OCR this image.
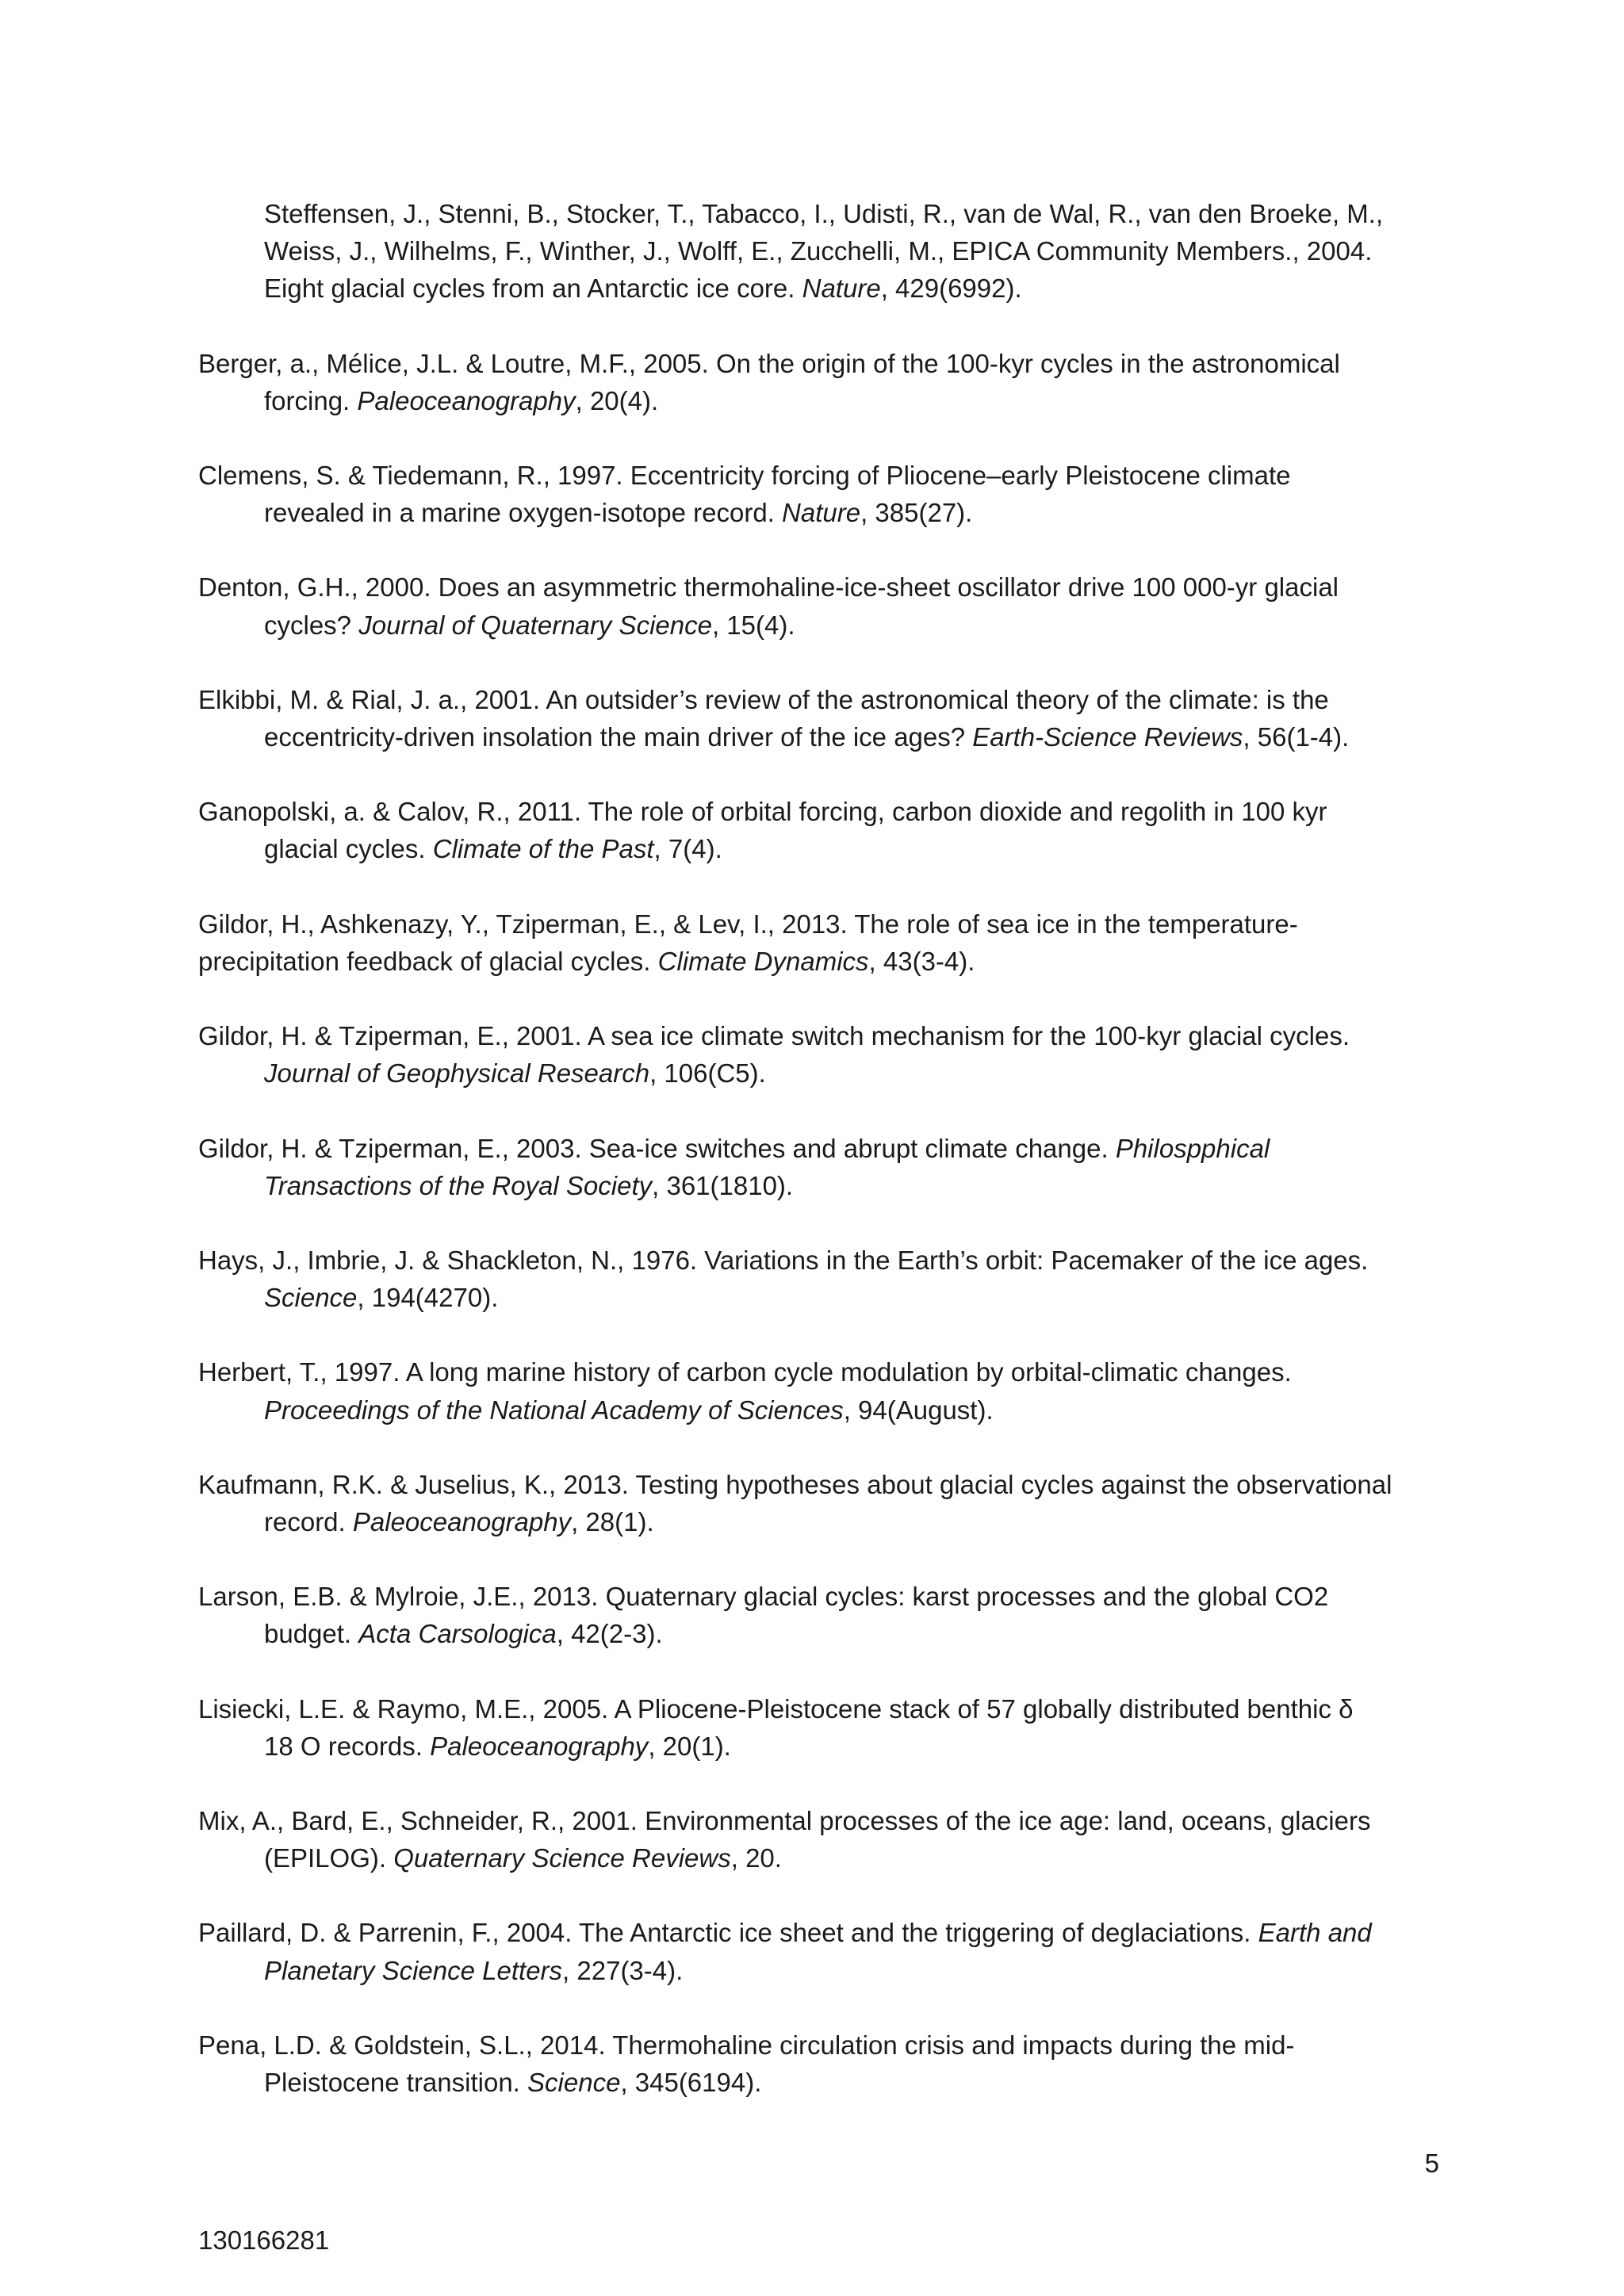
Steffensen, J., Stenni, B., Stocker, T., Tabacco, I., Udisti, R., van de Wal, R., van den Broeke, M.,
Weiss, J., Wilhelms, F., Winther, J., Wolff, E., Zucchelli, M., EPICA Community Members., 2004.
Eight glacial cycles from an Antarctic ice core. Nature, 429(6992).
Berger, a., Mélice, J.L. & Loutre, M.F., 2005. On the origin of the 100-kyr cycles in the astronomical
forcing. Paleoceanography, 20(4).
Clemens, S. & Tiedemann, R., 1997. Eccentricity forcing of Pliocene–early Pleistocene climate
revealed in a marine oxygen-isotope record. Nature, 385(27).
Denton, G.H., 2000. Does an asymmetric thermohaline-ice-sheet oscillator drive 100 000-yr glacial
cycles? Journal of Quaternary Science, 15(4).
Elkibbi, M. & Rial, J. a., 2001. An outsider’s review of the astronomical theory of the climate: is the
eccentricity-driven insolation the main driver of the ice ages? Earth-Science Reviews, 56(1-4).
Ganopolski, a. & Calov, R., 2011. The role of orbital forcing, carbon dioxide and regolith in 100 kyr
glacial cycles. Climate of the Past, 7(4).
Gildor, H., Ashkenazy, Y., Tziperman, E., & Lev, I., 2013. The role of sea ice in the temperature-
precipitation feedback of glacial cycles. Climate Dynamics, 43(3-4).
Gildor, H. & Tziperman, E., 2001. A sea ice climate switch mechanism for the 100-kyr glacial cycles.
Journal of Geophysical Research, 106(C5).
Gildor, H. & Tziperman, E., 2003. Sea-ice switches and abrupt climate change. Philospphical
Transactions of the Royal Society, 361(1810).
Hays, J., Imbrie, J. & Shackleton, N., 1976. Variations in the Earth’s orbit: Pacemaker of the ice ages.
Science, 194(4270).
Herbert, T., 1997. A long marine history of carbon cycle modulation by orbital-climatic changes.
Proceedings of the National Academy of Sciences, 94(August).
Kaufmann, R.K. & Juselius, K., 2013. Testing hypotheses about glacial cycles against the observational
record. Paleoceanography, 28(1).
Larson, E.B. & Mylroie, J.E., 2013. Quaternary glacial cycles: karst processes and the global CO2
budget. Acta Carsologica, 42(2-3).
Lisiecki, L.E. & Raymo, M.E., 2005. A Pliocene-Pleistocene stack of 57 globally distributed benthic δ
18 O records. Paleoceanography, 20(1).
Mix, A., Bard, E., Schneider, R., 2001. Environmental processes of the ice age: land, oceans, glaciers
(EPILOG). Quaternary Science Reviews, 20.
Paillard, D. & Parrenin, F., 2004. The Antarctic ice sheet and the triggering of deglaciations. Earth and
Planetary Science Letters, 227(3-4).
Pena, L.D. & Goldstein, S.L., 2014. Thermohaline circulation crisis and impacts during the mid-
Pleistocene transition. Science, 345(6194).
5
130166281
